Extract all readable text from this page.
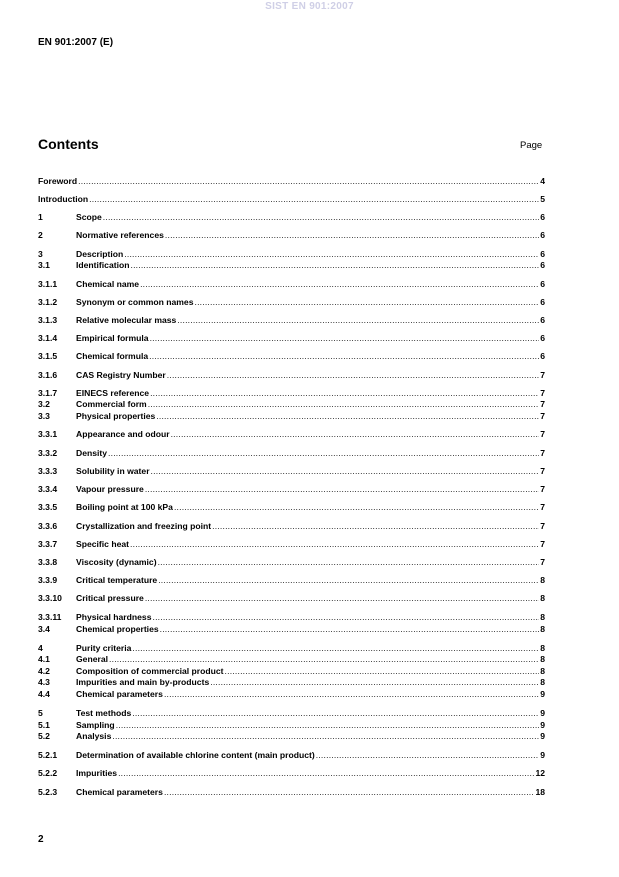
SIST EN 901:2007
EN 901:2007 (E)
Contents	Page
Foreword .....	4
Introduction .....	5
1	Scope .....	6
2	Normative references .....	6
3	Description .....	6
3.1	Identification .....	6
3.1.1	Chemical name .....	6
3.1.2	Synonym or common names .....	6
3.1.3	Relative molecular mass .....	6
3.1.4	Empirical formula .....	6
3.1.5	Chemical formula .....	6
3.1.6	CAS Registry Number .....	7
3.1.7	EINECS reference .....	7
3.2	Commercial form .....	7
3.3	Physical properties .....	7
3.3.1	Appearance and odour .....	7
3.3.2	Density .....	7
3.3.3	Solubility in water .....	7
3.3.4	Vapour pressure .....	7
3.3.5	Boiling point at 100 kPa .....	7
3.3.6	Crystallization and freezing point .....	7
3.3.7	Specific heat .....	7
3.3.8	Viscosity (dynamic) .....	7
3.3.9	Critical temperature .....	8
3.3.10	Critical pressure .....	8
3.3.11	Physical hardness .....	8
3.4	Chemical properties .....	8
4	Purity criteria .....	8
4.1	General .....	8
4.2	Composition of commercial product .....	8
4.3	Impurities and main by-products .....	8
4.4	Chemical parameters .....	9
5	Test methods .....	9
5.1	Sampling .....	9
5.2	Analysis .....	9
5.2.1	Determination of available chlorine content (main product) .....	9
5.2.2	Impurities .....	12
5.2.3	Chemical parameters .....	18
2
